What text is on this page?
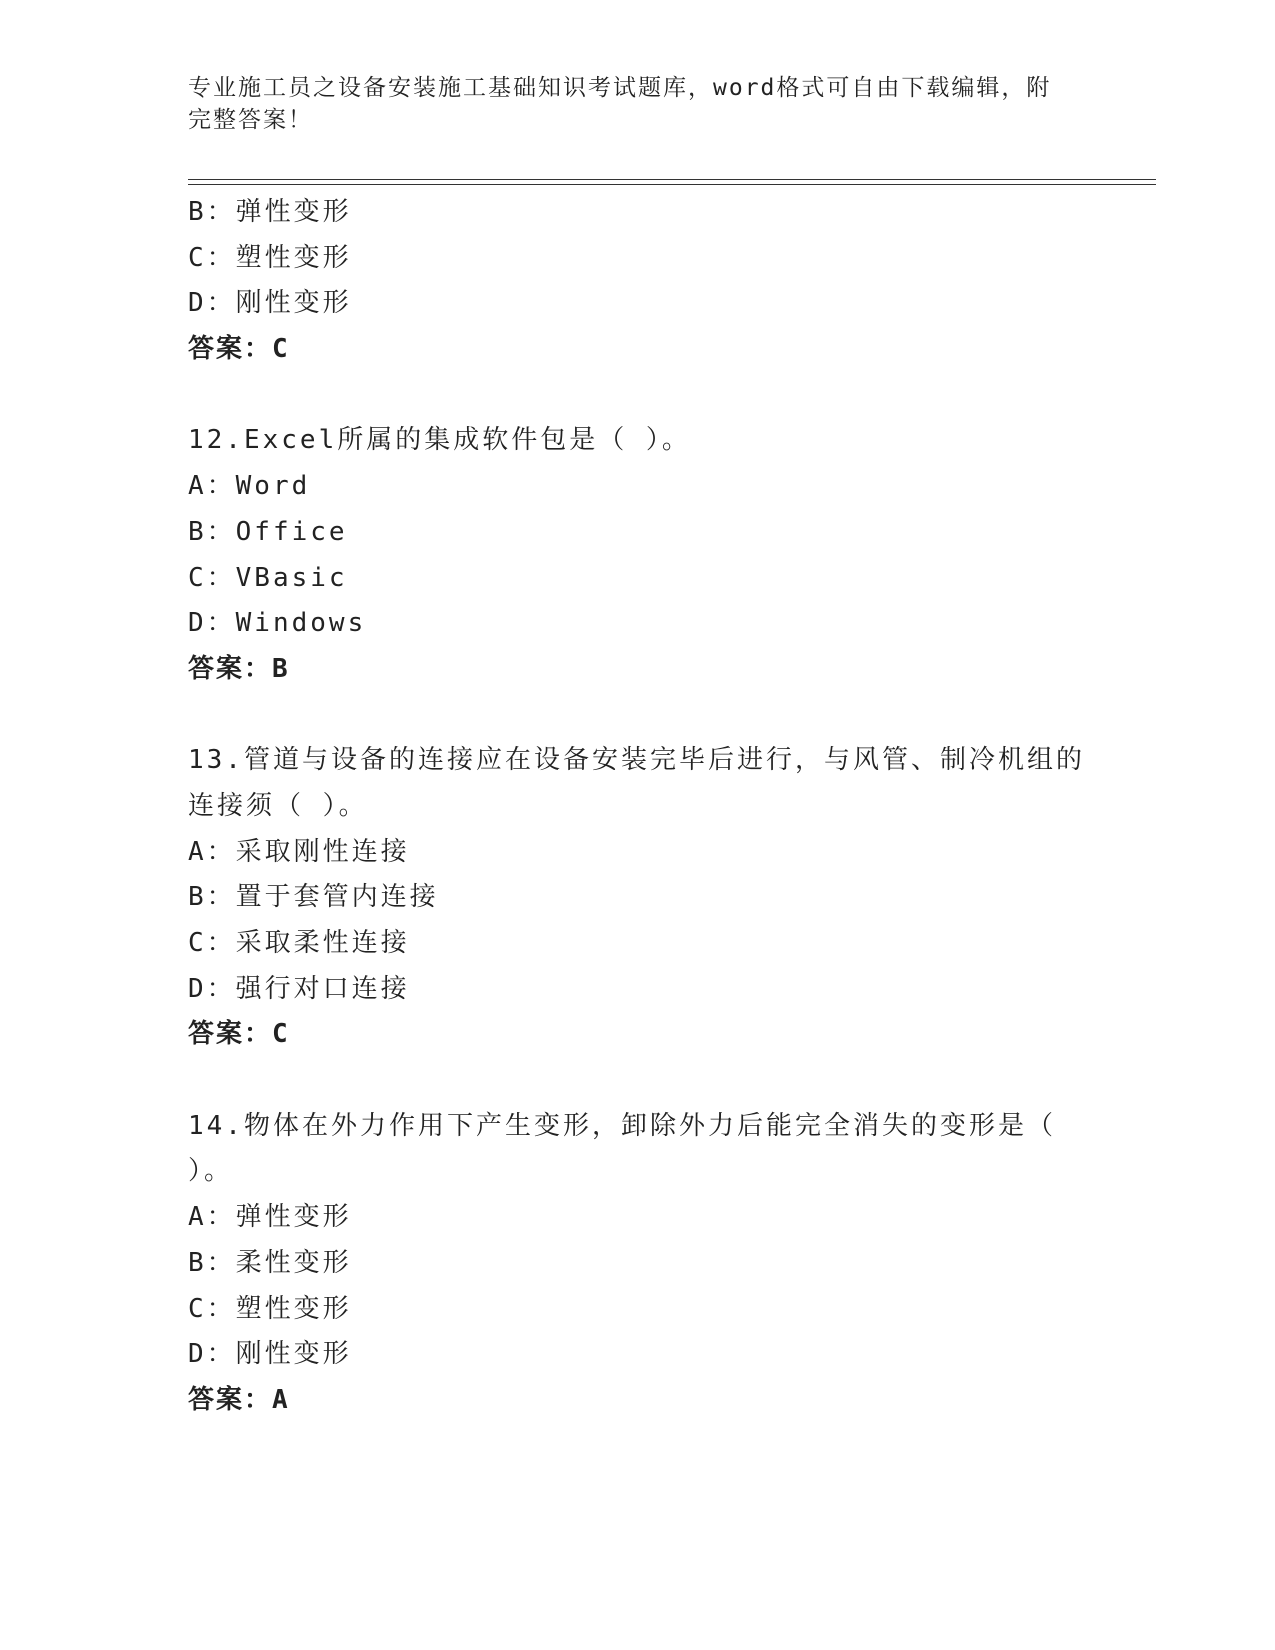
专业施工员之设备安装施工基础知识考试题库，word格式可自由下载编辑，附完整答案！
B：弹性变形
C：塑性变形
D：刚性变形
答案：C
12.Excel所属的集成软件包是（ ）。
A：Word
B：Office
C：VBasic
D：Windows
答案：B
13.管道与设备的连接应在设备安装完毕后进行，与风管、制冷机组的
连接须（ ）。
A：采取刚性连接
B：置于套管内连接
C：采取柔性连接
D：强行对口连接
答案：C
14.物体在外力作用下产生变形，卸除外力后能完全消失的变形是（
）。
A：弹性变形
B：柔性变形
C：塑性变形
D：刚性变形
答案：A
